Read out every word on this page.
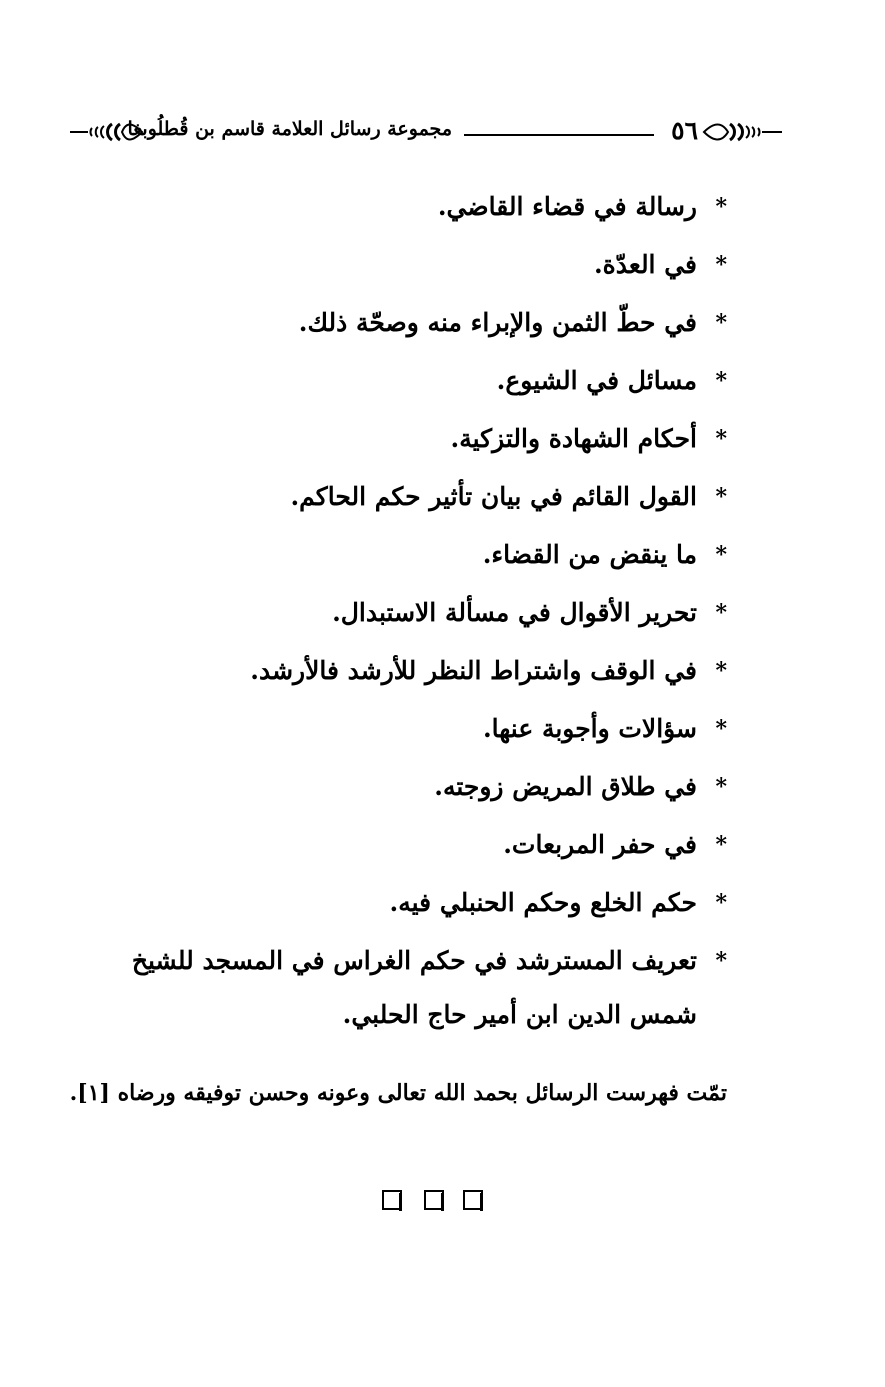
٥٦
مجموعة رسائل العلامة قاسم بن قُطلُوبغا
*
رسالة في قضاء القاضي.
*
في العدّة.
*
في حطّ الثمن والإبراء منه وصحّة ذلك.
*
مسائل في الشيوع.
*
أحكام الشهادة والتزكية.
*
القول القائم في بيان تأثير حكم الحاكم.
*
ما ينقض من القضاء.
*
تحرير الأقوال في مسألة الاستبدال.
*
في الوقف واشتراط النظر للأرشد فالأرشد.
*
سؤالات وأجوبة عنها.
*
في طلاق المريض زوجته.
*
في حفر المربعات.
*
حكم الخلع وحكم الحنبلي فيه.
*
تعريف المسترشد في حكم الغراس في المسجد للشيخ شمس الدين ابن أمير حاج الحلبي.
تمّت فهرست الرسائل بحمد الله تعالى وعونه وحسن توفيقه ورضاه [١].
